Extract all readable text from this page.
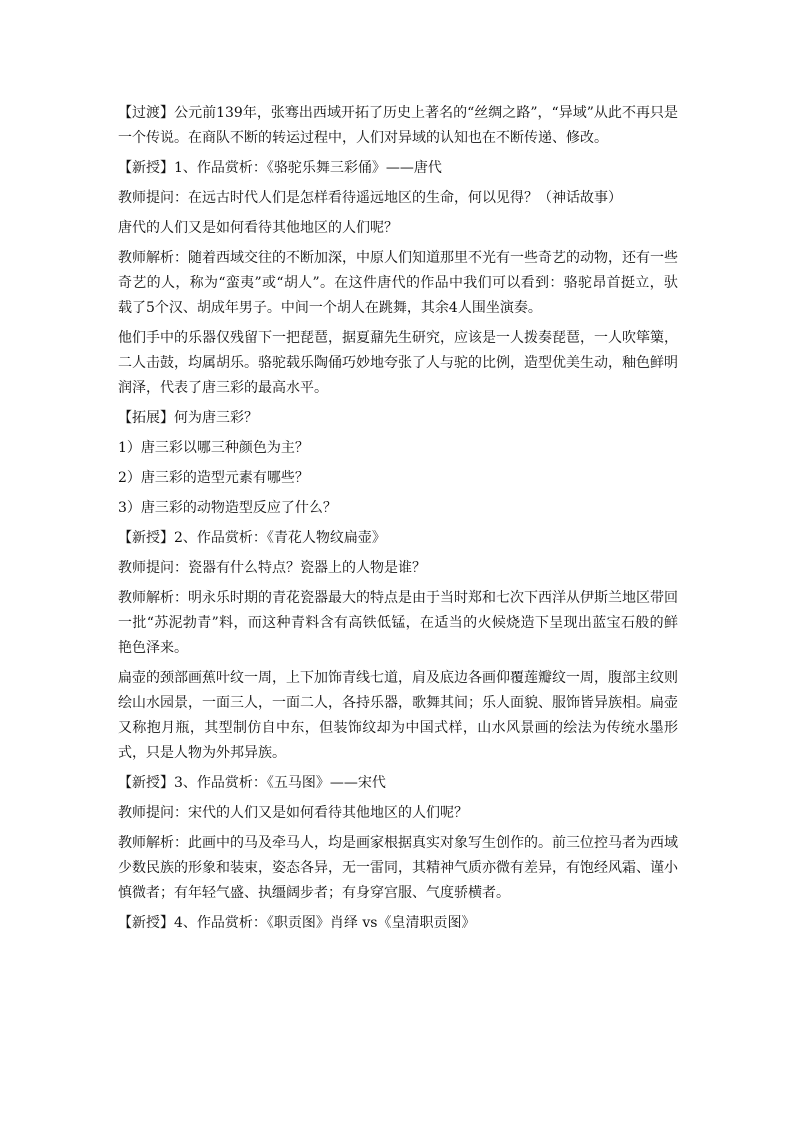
【过渡】公元前139年，张骞出西域开拓了历史上著名的“丝绸之路”，“异域”从此不再只是一个传说。在商队不断的转运过程中，人们对异域的认知也在不断传递、修改。

【新授】1、作品赏析：《骆驼乐舞三彩俑》——唐代

教师提问：在远古时代人们是怎样看待遥远地区的生命，何以见得？（神话故事）

唐代的人们又是如何看待其他地区的人们呢？

教师解析：随着西域交往的不断加深，中原人们知道那里不光有一些奇艺的动物，还有一些奇艺的人，称为“蛮夷”或“胡人”。在这件唐代的作品中我们可以看到：骆驼昂首挺立，驮载了5个汉、胡成年男子。中间一个胡人在跳舞，其余4人围坐演奏。

他们手中的乐器仅残留下一把琵琶，据夏鼐先生研究，应该是一人拨奏琵琶，一人吹筚篥，二人击鼓，均属胡乐。骆驼载乐陶俑巧妙地夸张了人与驼的比例，造型优美生动，釉色鲜明润泽，代表了唐三彩的最高水平。

【拓展】何为唐三彩？

1）唐三彩以哪三种颜色为主？

2）唐三彩的造型元素有哪些？

3）唐三彩的动物造型反应了什么？

【新授】2、作品赏析：《青花人物纹扁壶》

教师提问：瓷器有什么特点？瓷器上的人物是谁？

教师解析：明永乐时期的青花瓷器最大的特点是由于当时郑和七次下西洋从伊斯兰地区带回一批“苏泥勃青”料，而这种青料含有高铁低锰，在适当的火候烧造下呈现出蓝宝石般的鲜艳色泽来。

扁壶的颈部画蕉叶纹一周，上下加饰青线七道，肩及底边各画仰覆莲瓣纹一周，腹部主纹则绘山水园景，一面三人，一面二人，各持乐器，歌舞其间；乐人面貌、服饰皆异族相。扁壶又称抱月瓶，其型制仿自中东，但装饰纹却为中国式样，山水风景画的绘法为传统水墨形式，只是人物为外邦异族。

【新授】3、作品赏析：《五马图》——宋代

教师提问：宋代的人们又是如何看待其他地区的人们呢？

教师解析：此画中的马及牵马人，均是画家根据真实对象写生创作的。前三位控马者为西域少数民族的形象和装束，姿态各异，无一雷同，其精神气质亦微有差异，有饱经风霜、谨小慎微者；有年轻气盛、执缰阔步者；有身穿宫服、气度骄横者。

【新授】4、作品赏析：《职贡图》肖绎 vs《皇清职贡图》
